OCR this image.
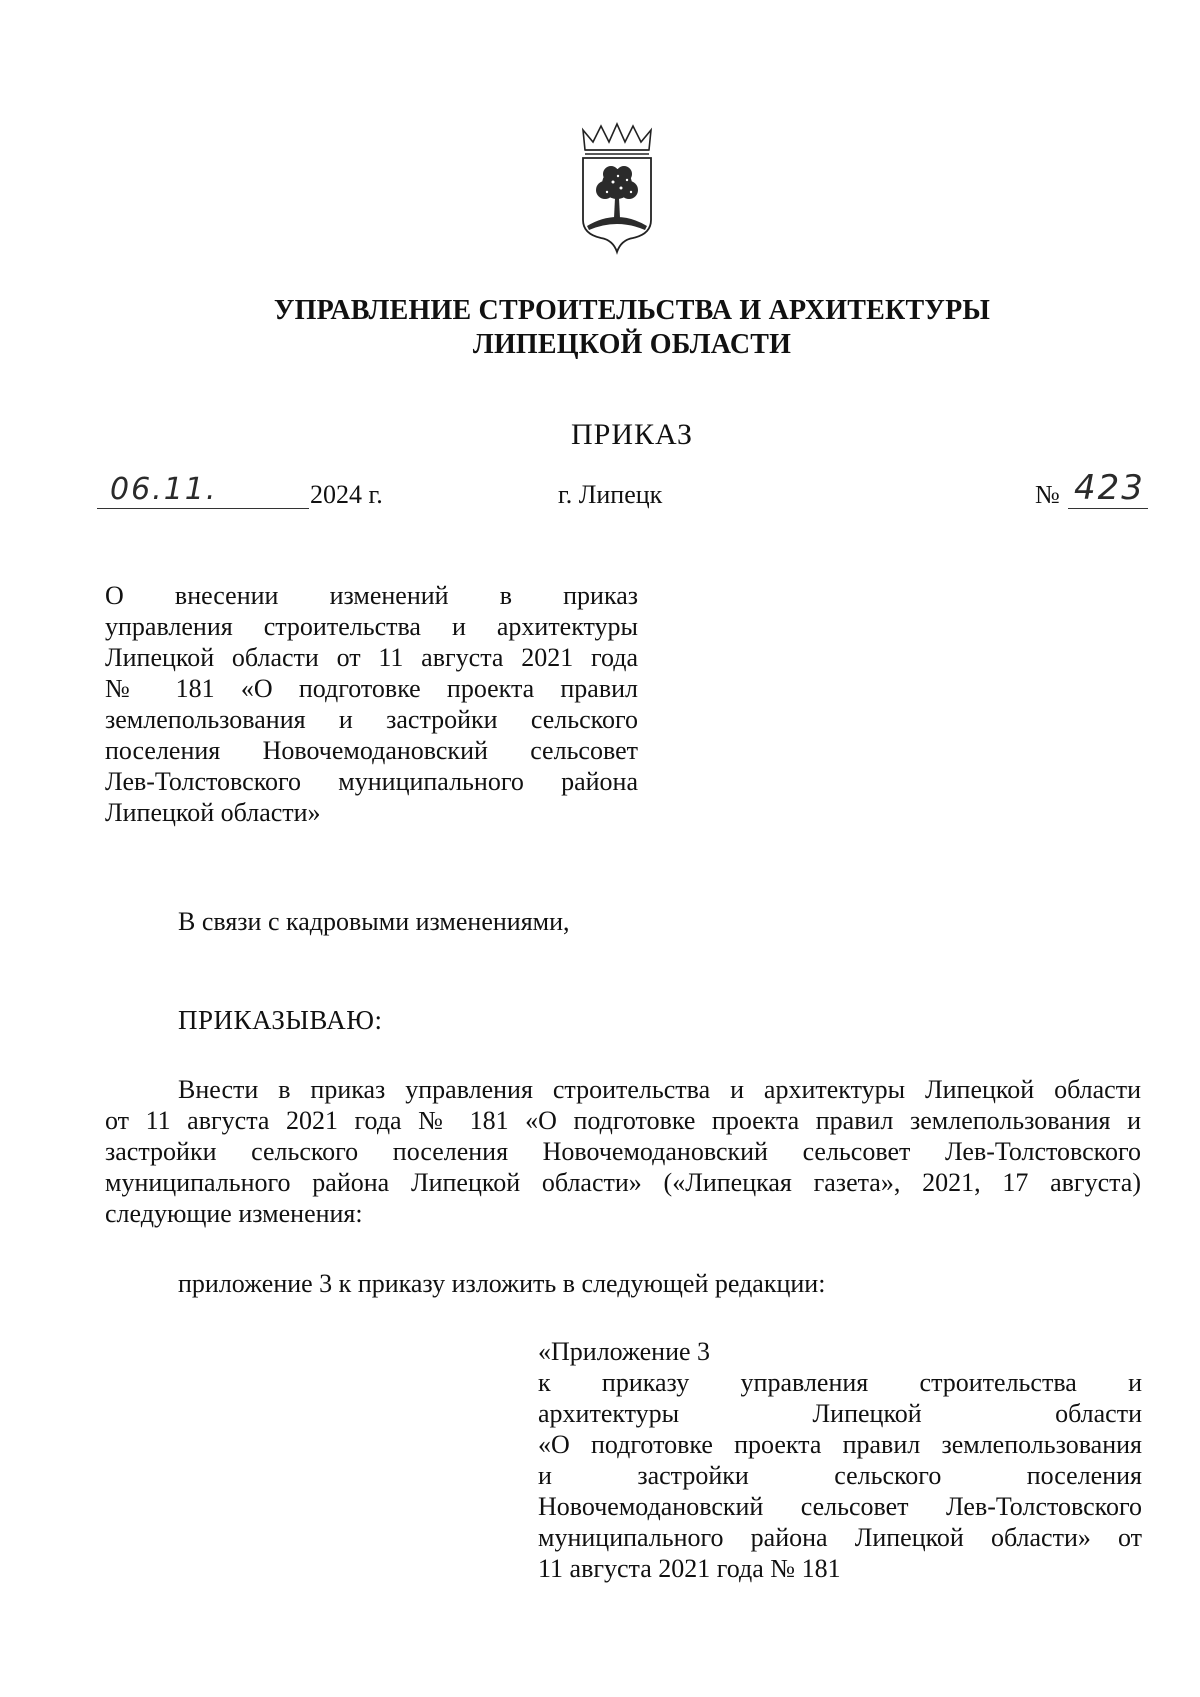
УПРАВЛЕНИЕ СТРОИТЕЛЬСТВА И АРХИТЕКТУРЫ
ЛИПЕЦКОЙ ОБЛАСТИ
ПРИКАЗ
06.11.	2024 г.	г. Липецк	№ 423
О внесении изменений в приказ
управления строительства и архитектуры
Липецкой области от 11 августа 2021 года
№ 181 «О подготовке проекта правил
землепользования и застройки сельского
поселения Новочемодановский сельсовет
Лев-Толстовского муниципального района
Липецкой области»
В связи с кадровыми изменениями,
ПРИКАЗЫВАЮ:
Внести в приказ управления строительства и архитектуры Липецкой области
от 11 августа 2021 года № 181 «О подготовке проекта правил землепользования и
застройки сельского поселения Новочемодановский сельсовет Лев-Толстовского
муниципального района Липецкой области» («Липецкая газета», 2021, 17 августа)
следующие изменения:
приложение 3 к приказу изложить в следующей редакции:
«Приложение 3
к приказу управления строительства и
архитектуры Липецкой области
«О подготовке проекта правил землепользования
и застройки сельского поселения
Новочемодановский сельсовет Лев-Толстовского
муниципального района Липецкой области» от
11 августа 2021 года № 181
